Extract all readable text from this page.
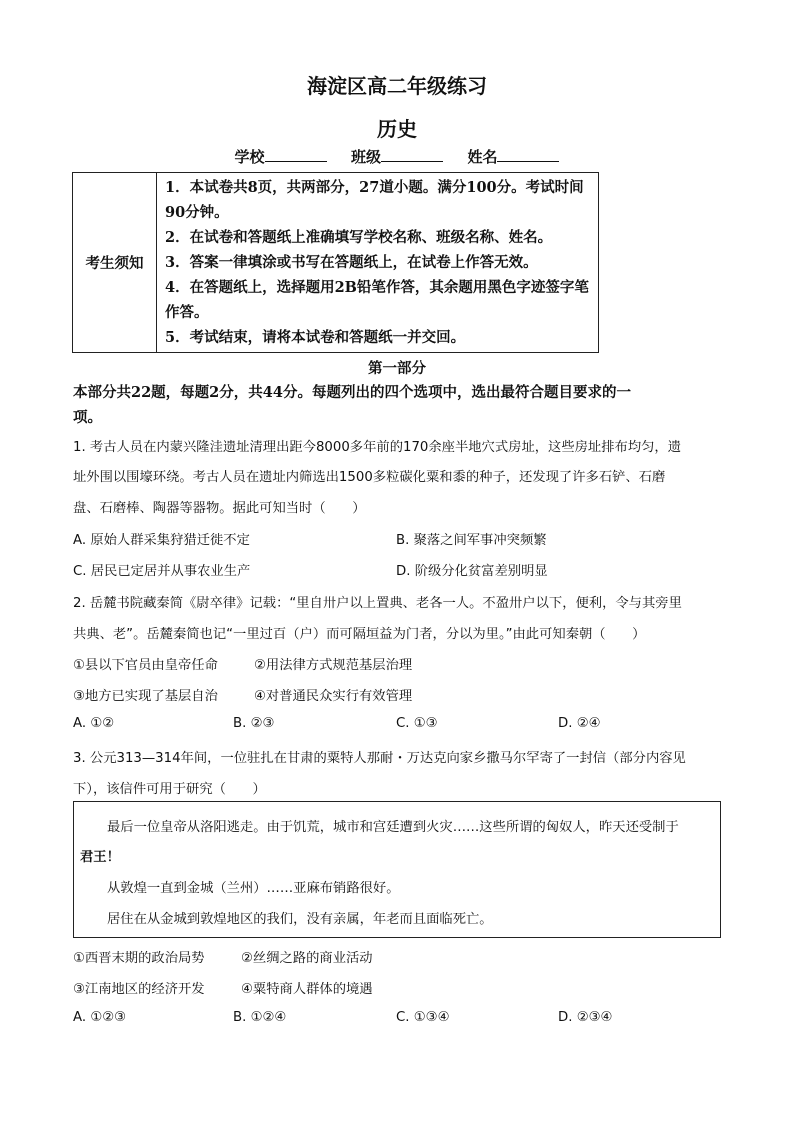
海淀区高二年级练习
历史
学校	班级	姓名
考生须知	
1．本试卷共8页，共两部分，27道小题。满分100分。考试时间90分钟。
2．在试卷和答题纸上准确填写学校名称、班级名称、姓名。
3．答案一律填涂或书写在答题纸上，在试卷上作答无效。
4．在答题纸上，选择题用2B铅笔作答，其余题用黑色字迹签字笔作答。
5．考试结束，请将本试卷和答题纸一并交回。
第一部分
本部分共22题，每题2分，共44分。每题列出的四个选项中，选出最符合题目要求的一
项。
1. 考古人员在内蒙兴隆洼遗址清理出距今8000多年前的170余座半地穴式房址，这些房址排布均匀，遗
址外围以围壕环绕。考古人员在遗址内筛选出1500多粒碳化粟和黍的种子，还发现了许多石铲、石磨
盘、石磨棒、陶器等器物。据此可知当时（　　）
A. 原始人群采集狩猎迁徙不定	B. 聚落之间军事冲突频繁
C. 居民已定居并从事农业生产	D. 阶级分化贫富差别明显
2. 岳麓书院藏秦简《尉卒律》记载：“里自卅户以上置典、老各一人。不盈卅户以下，便利，令与其旁里
共典、老”。岳麓秦简也记“一里过百（户）而可隔垣益为门者，分以为里。”由此可知秦朝（　　）
①县以下官员由皇帝任命	②用法律方式规范基层治理
③地方已实现了基层自治	④对普通民众实行有效管理
A. ①②	B. ②③	C. ①③	D. ②④
3. 公元313—314年间，一位驻扎在甘肃的粟特人那耐・万达克向家乡撒马尔罕寄了一封信（部分内容见
下），该信件可用于研究（　　）
最后一位皇帝从洛阳逃走。由于饥荒，城市和宫廷遭到火灾……这些所谓的匈奴人，昨天还受制于
君王！
从敦煌一直到金城（兰州）……亚麻布销路很好。
居住在从金城到敦煌地区的我们，没有亲属，年老而且面临死亡。
①西晋末期的政治局势	②丝绸之路的商业活动
③江南地区的经济开发	④粟特商人群体的境遇
A. ①②③	B. ①②④	C. ①③④	D. ②③④
